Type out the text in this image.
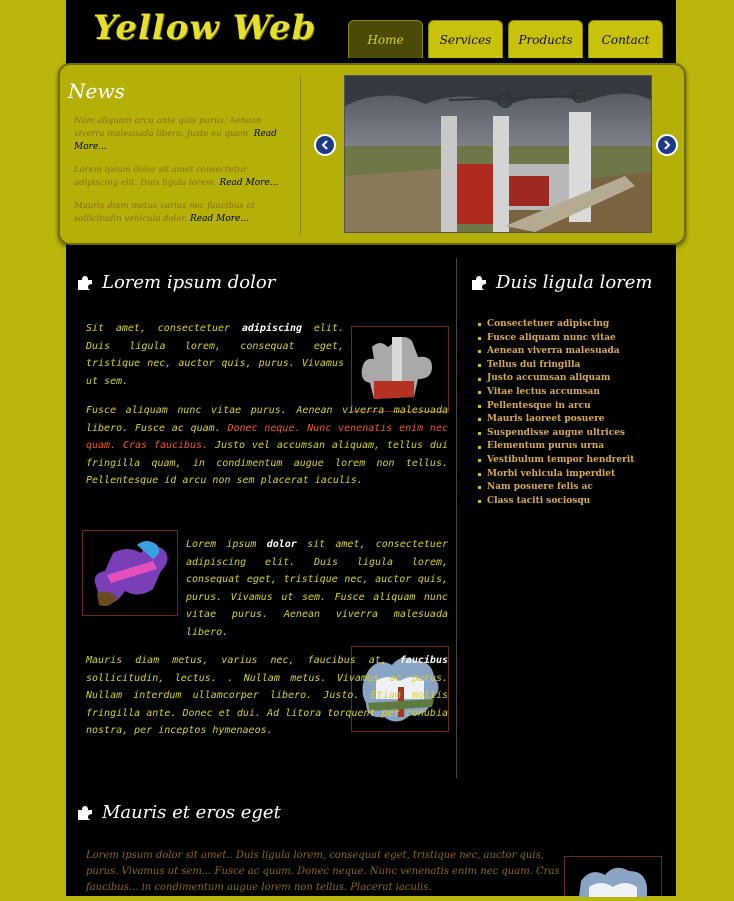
Yellow Web	Home	Services	Products	Contact
News
Nam aliquam arcu ante quis purus. Aenean viverra malesuada libero. Justo eu quam. Read More...
Lorem ipsum dolor sit amet consectetur adipiscing elit. Duis ligula lorem. Read More...
Mauris diam metus varius nec faucibus at sollicitudin vehicula dolor. Read More...
Lorem ipsum dolor
Sit amet, consectetuer adipiscing elit. Duis ligula lorem, consequat eget, tristique nec, auctor quis, purus. Vivamus ut sem.
Fusce aliquam nunc vitae purus. Aenean viverra malesuada libero. Fusce ac quam. Donec neque. Nunc venenatis enim nec quam. Cras faucibus. Justo vel accumsan aliquam, tellus dui fringilla quam, in condimentum augue lorem non tellus. Pellentesque id arcu non sem placerat iaculis.
Lorem ipsum dolor sit amet, consectetuer adipiscing elit. Duis ligula lorem, consequat eget, tristique nec, auctor quis, purus. Vivamus ut sem. Fusce aliquam nunc vitae purus. Aenean viverra malesuada libero.
Mauris diam metus, varius nec, faucibus at, faucibus sollicitudin, lectus. . Nullam metus. Vivamus ac purus. Nullam interdum ullamcorper libero. Justo. Etiam mollis fringilla ante. Donec et dui. Ad litora torquent per conubia nostra, per inceptos hymenaeos.
Duis ligula lorem
Consectetuer adipiscing
Fusce aliquam nunc vitae
Aenean viverra malesuada
Tellus dui fringilla
Justo accumsan aliquam
Vitae lectus accumsan
Pellentesque in arcu
Mauris laoreet posuere
Suspendisse augue ultrices
Elementum purus urna
Vestibulum tempor hendrerit
Morbi vehicula imperdiet
Nam posuere felis ac
Class taciti sociosqu
Mauris et eros eget
Lorem ipsum dolor sit amet.. Duis ligula lorem, consequat eget, tristique nec, auctor quis, purus. Vivamus ut sem... Fusce ac quam. Donec neque. Nunc venenatis enim nec quam. Cras faucibus... in condimentum augue lorem non tellus. Placerat iaculis.
